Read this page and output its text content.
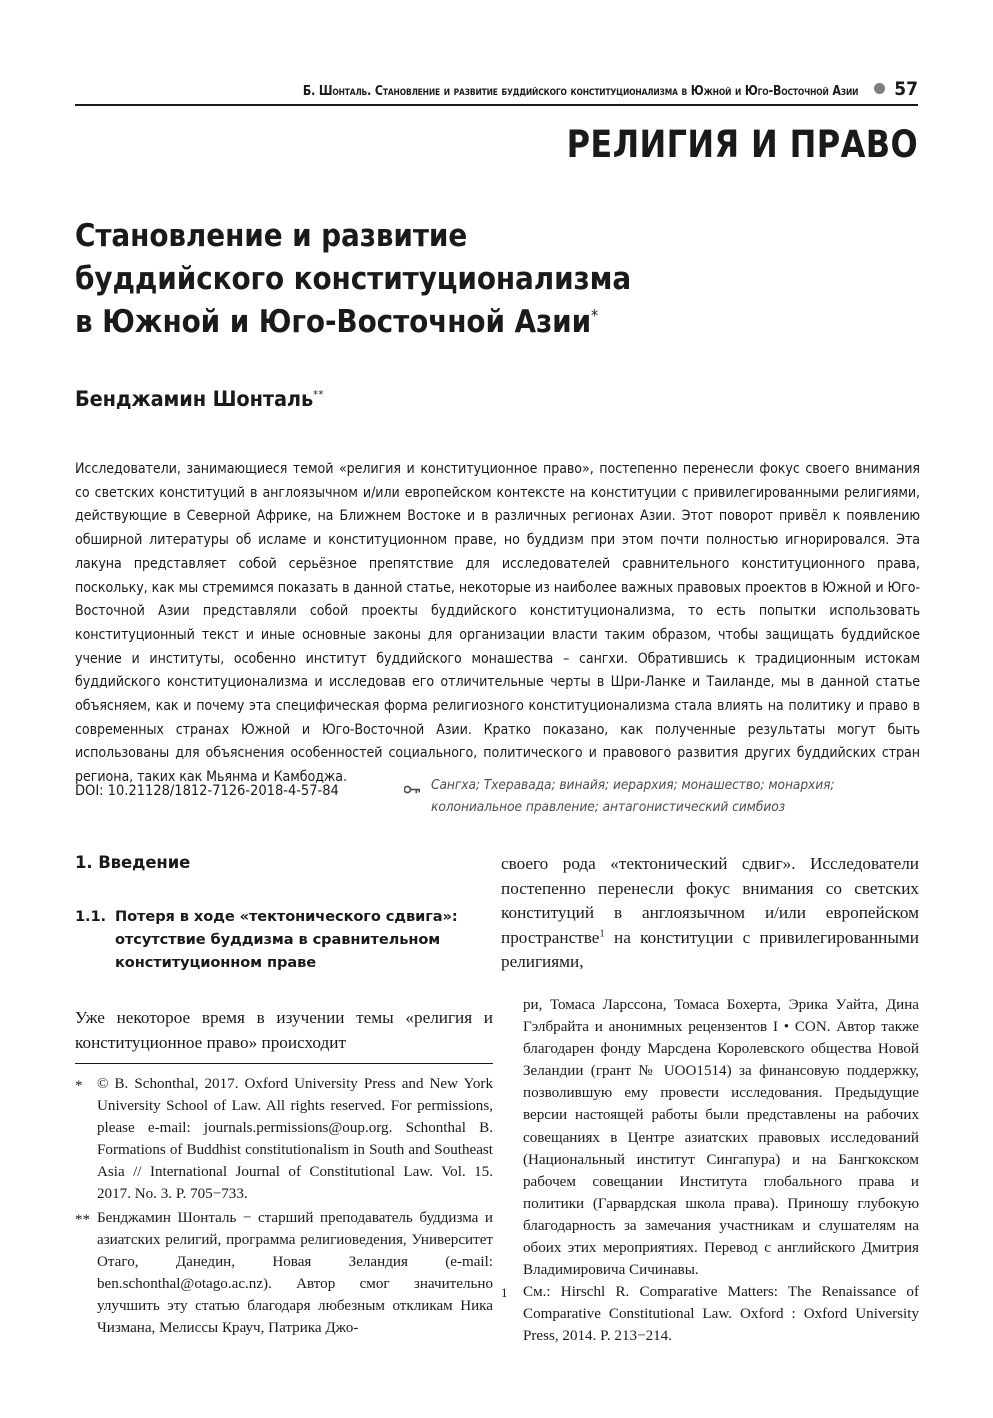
Б. Шонталь. Становление и развитие буддийского конституционализма в Южной и Юго-Восточной Азии 57
РЕЛИГИЯ И ПРАВО
Становление и развитие
буддийского конституционализма
в Южной и Юго-Восточной Азии*
Бенджамин Шонталь**
Исследователи, занимающиеся темой «религия и конституционное право», постепенно перенесли фокус своего внимания со светских конституций в англоязычном и/или европейском контексте на конституции с привилегированными религиями, действующие в Северной Африке, на Ближнем Востоке и в различных регионах Азии. Этот поворот привёл к появлению обширной литературы об исламе и конституционном праве, но буддизм при этом почти полностью игнорировался. Эта лакуна представляет собой серьёзное препятствие для исследователей сравнительного конституционного права, поскольку, как мы стремимся показать в данной статье, некоторые из наиболее важных правовых проектов в Южной и Юго-Восточной Азии представляли собой проекты буддийского конституционализма, то есть попытки использовать конституционный текст и иные основные законы для организации власти таким образом, чтобы защищать буддийское учение и институты, особенно институт буддийского монашества – сангхи. Обратившись к традиционным истокам буддийского конституционализма и исследовав его отличительные черты в Шри-Ланке и Таиланде, мы в данной статье объясняем, как и почему эта специфическая форма религиозного конституционализма стала влиять на политику и право в современных странах Южной и Юго-Восточной Азии. Кратко показано, как полученные результаты могут быть использованы для объяснения особенностей социального, политического и правового развития других буддийских стран региона, таких как Мьянма и Камбоджа.
DOI: 10.21128/1812-7126-2018-4-57-84	Сангха; Тхеравада; винайя; иерархия; монашество; монархия; колониальное правление; антагонистический симбиоз
1. Введение
1.1. Потеря в ходе «тектонического сдвига»: отсутствие буддизма в сравнительном конституционном праве

Уже некоторое время в изучении темы «религия и конституционное право» происходит

своего рода «тектонический сдвиг». Исследователи постепенно перенесли фокус внимания со светских конституций в англоязычном и/или европейском пространстве$^1$ на конституции с привилегированными религиями,

* © B. Schonthal, 2017. Oxford University Press and New York University School of Law. All rights reserved. For permissions, please e-mail: journals.permissions@oup.org. Schonthal B. Formations of Buddhist constitutionalism in South and Southeast Asia // International Journal of Constitutional Law. Vol. 15. 2017. No. 3. P. 705−733.
** Бенджамин Шонталь − старший преподаватель буддизма и азиатских религий, программа религиоведения, Университет Отаго, Данедин, Новая Зеландия (e-mail: ben.schonthal@otago.ac.nz). Автор смог значительно улучшить эту статью благодаря любезным откликам Ника Чизмана, Мелиссы Крауч, Патрика Джо-
ри, Томаса Ларссона, Томаса Бохерта, Эрика Уайта, Дина Гэлбрайта и анонимных рецензентов I • CON. Автор также благодарен фонду Марсдена Королевского общества Новой Зеландии (грант № UOO1514) за финансовую поддержку, позволившую ему провести исследования. Предыдущие версии настоящей работы были представлены на рабочих совещаниях в Центре азиатских правовых исследований (Национальный институт Сингапура) и на Бангкокском рабочем совещании Института глобального права и политики (Гарвардская школа права). Приношу глубокую благодарность за замечания участникам и слушателям на обоих этих мероприятиях. Перевод с английского Дмитрия Владимировича Сичинавы.
1	См.: Hirschl R. Comparative Matters: The Renaissance of Comparative Constitutional Law. Oxford : Oxford University Press, 2014. P. 213−214.
